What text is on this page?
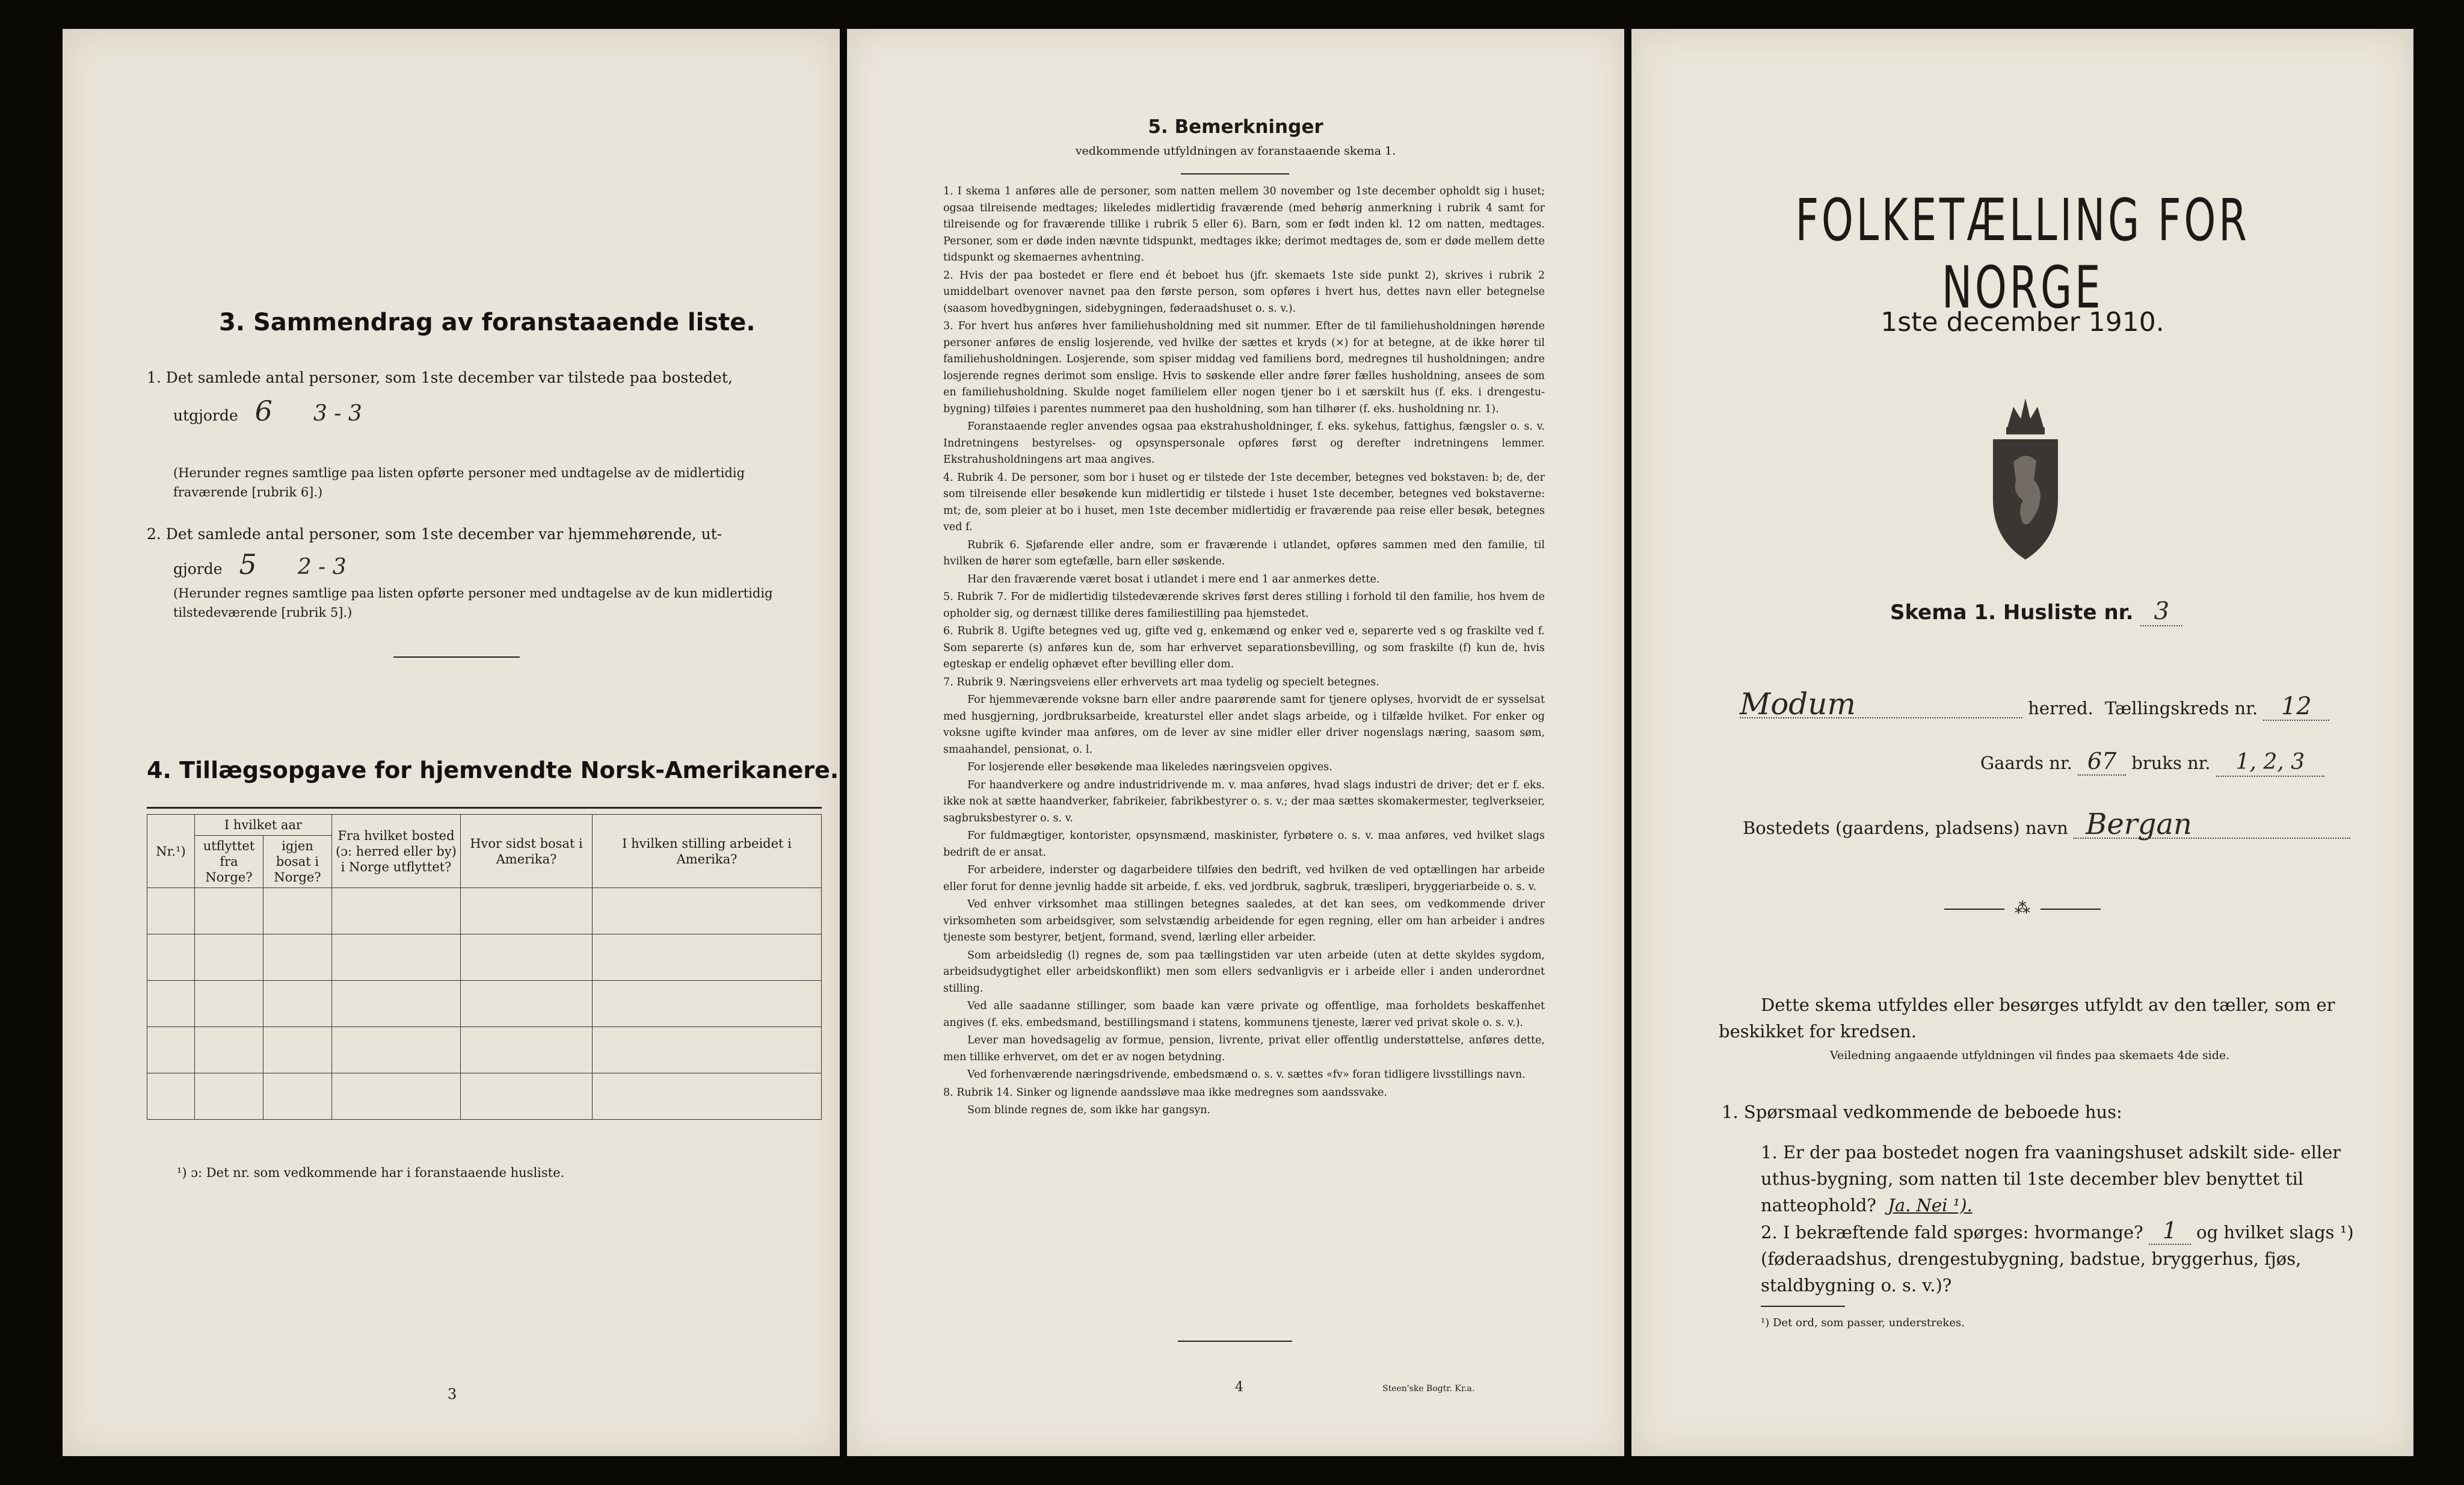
3. Sammendrag av foranstaaende liste.
1. Det samlede antal personer, som 1ste december var tilstede paa bostedet,
utgjorde 6 3 - 3
(Herunder regnes samtlige paa listen opførte personer med undtagelse av de midlertidig fraværende [rubrik 6].)
2. Det samlede antal personer, som 1ste december var hjemmehørende, ut-
gjorde 5 2 - 3
(Herunder regnes samtlige paa listen opførte personer med undtagelse av de kun midlertidig tilstedeværende [rubrik 5].)
4. Tillægsopgave for hjemvendte Norsk-Amerikanere.
Nr.¹)	I hvilket aar		Fra hvilket bosted (ɔ: herred eller by) i Norge utflyttet?	Hvor sidst bosat i Amerika?	I hvilken stilling arbeidet i Amerika?
	utflyttet fra Norge?	igjen bosat i Norge?			

¹) ɔ: Det nr. som vedkommende har i foranstaaende husliste.
3
5. Bemerkninger
vedkommende utfyldningen av foranstaaende skema 1.
1. I skema 1 anføres alle de personer, som natten mellem 30 november og 1ste december opholdt sig i huset; ogsaa tilreisende medtages; likeledes midlertidig fraværende (med behørig anmerkning i rubrik 4 samt for tilreisende og for fraværende tillike i rubrik 5 eller 6). Barn, som er født inden kl. 12 om natten, medtages. Personer, som er døde inden nævnte tidspunkt, medtages ikke; derimot medtages de, som er døde mellem dette tidspunkt og skemaernes avhentning.
2. Hvis der paa bostedet er flere end ét beboet hus (jfr. skemaets 1ste side punkt 2), skrives i rubrik 2 umiddelbart ovenover navnet paa den første person, som opføres i hvert hus, dettes navn eller betegnelse (saasom hovedbygningen, sidebygningen, føderaadshuset o. s. v.).
3. For hvert hus anføres hver familiehusholdning med sit nummer. Efter de til familiehusholdningen hørende personer anføres de enslig losjerende, ved hvilke der sættes et kryds (×) for at betegne, at de ikke hører til familiehusholdningen. Losjerende, som spiser middag ved familiens bord, medregnes til husholdningen; andre losjerende regnes derimot som enslige. Hvis to søskende eller andre fører fælles husholdning, ansees de som en familiehusholdning. Skulde noget familielem eller nogen tjener bo i et særskilt hus (f. eks. i drengestu-bygning) tilføies i parentes nummeret paa den husholdning, som han tilhører (f. eks. husholdning nr. 1).
Foranstaaende regler anvendes ogsaa paa ekstrahusholdninger, f. eks. sykehus, fattighus, fængsler o. s. v. Indretningens bestyrelses- og opsynspersonale opføres først og derefter indretningens lemmer. Ekstrahusholdningens art maa angives.
4. Rubrik 4. De personer, som bor i huset og er tilstede der 1ste december, betegnes ved bokstaven: b; de, der som tilreisende eller besøkende kun midlertidig er tilstede i huset 1ste december, betegnes ved bokstaverne: mt; de, som pleier at bo i huset, men 1ste december midlertidig er fraværende paa reise eller besøk, betegnes ved f.
Rubrik 6. Sjøfarende eller andre, som er fraværende i utlandet, opføres sammen med den familie, til hvilken de hører som egtefælle, barn eller søskende.
Har den fraværende været bosat i utlandet i mere end 1 aar anmerkes dette.
5. Rubrik 7. For de midlertidig tilstedeværende skrives først deres stilling i forhold til den familie, hos hvem de opholder sig, og dernæst tillike deres familiestilling paa hjemstedet.
6. Rubrik 8. Ugifte betegnes ved ug, gifte ved g, enkemænd og enker ved e, separerte ved s og fraskilte ved f. Som separerte (s) anføres kun de, som har erhvervet separationsbevilling, og som fraskilte (f) kun de, hvis egteskap er endelig ophævet efter bevilling eller dom.
7. Rubrik 9. Næringsveiens eller erhvervets art maa tydelig og specielt betegnes.
For hjemmeværende voksne barn eller andre paarørende samt for tjenere oplyses, hvorvidt de er sysselsat med husgjerning, jordbruksarbeide, kreaturstel eller andet slags arbeide, og i tilfælde hvilket. For enker og voksne ugifte kvinder maa anføres, om de lever av sine midler eller driver nogenslags næring, saasom søm, smaahandel, pensionat, o. l.
For losjerende eller besøkende maa likeledes næringsveien opgives.
For haandverkere og andre industridrivende m. v. maa anføres, hvad slags industri de driver; det er f. eks. ikke nok at sætte haandverker, fabrikeier, fabrikbestyrer o. s. v.; der maa sættes skomakermester, teglverkseier, sagbruksbestyrer o. s. v.
For fuldmægtiger, kontorister, opsynsmænd, maskinister, fyrbøtere o. s. v. maa anføres, ved hvilket slags bedrift de er ansat.
For arbeidere, inderster og dagarbeidere tilføies den bedrift, ved hvilken de ved optællingen har arbeide eller forut for denne jevnlig hadde sit arbeide, f. eks. ved jordbruk, sagbruk, træsliperi, bryggeriarbeide o. s. v.
Ved enhver virksomhet maa stillingen betegnes saaledes, at det kan sees, om vedkommende driver virksomheten som arbeidsgiver, som selvstændig arbeidende for egen regning, eller om han arbeider i andres tjeneste som bestyrer, betjent, formand, svend, lærling eller arbeider.
Som arbeidsledig (l) regnes de, som paa tællingstiden var uten arbeide (uten at dette skyldes sygdom, arbeidsudygtighet eller arbeidskonflikt) men som ellers sedvanligvis er i arbeide eller i anden underordnet stilling.
Ved alle saadanne stillinger, som baade kan være private og offentlige, maa forholdets beskaffenhet angives (f. eks. embedsmand, bestillingsmand i statens, kommunens tjeneste, lærer ved privat skole o. s. v.).
Lever man hovedsagelig av formue, pension, livrente, privat eller offentlig understøttelse, anføres dette, men tillike erhvervet, om det er av nogen betydning.
Ved forhenværende næringsdrivende, embedsmænd o. s. v. sættes «fv» foran tidligere livsstillings navn.
8. Rubrik 14. Sinker og lignende aandssløve maa ikke medregnes som aandssvake.
Som blinde regnes de, som ikke har gangsyn.
4	Steen'ske Bogtr. Kr.a.
FOLKETÆLLING FOR NORGE
1ste december 1910.
Skema 1. Husliste nr. 3
Modum	herred. Tællingskreds nr. 12
Gaards nr. 67 bruks nr. 1, 2, 3
Bostedets (gaardens, pladsens) navn Bergan
⁂
Dette skema utfyldes eller besørges utfyldt av den tæller, som er beskikket for kredsen.
Veiledning angaaende utfyldningen vil findes paa skemaets 4de side.
1. Spørsmaal vedkommende de beboede hus:
1. Er der paa bostedet nogen fra vaaningshuset adskilt side- eller uthus-bygning, som natten til 1ste december blev benyttet til natteophold? Ja. Nei ¹).
2. I bekræftende fald spørges: hvormange? 1 og hvilket slags ¹) (føderaadshus, drengestubygning, badstue, bryggerhus, fjøs, staldbygning o. s. v.)?
¹) Det ord, som passer, understrekes.
